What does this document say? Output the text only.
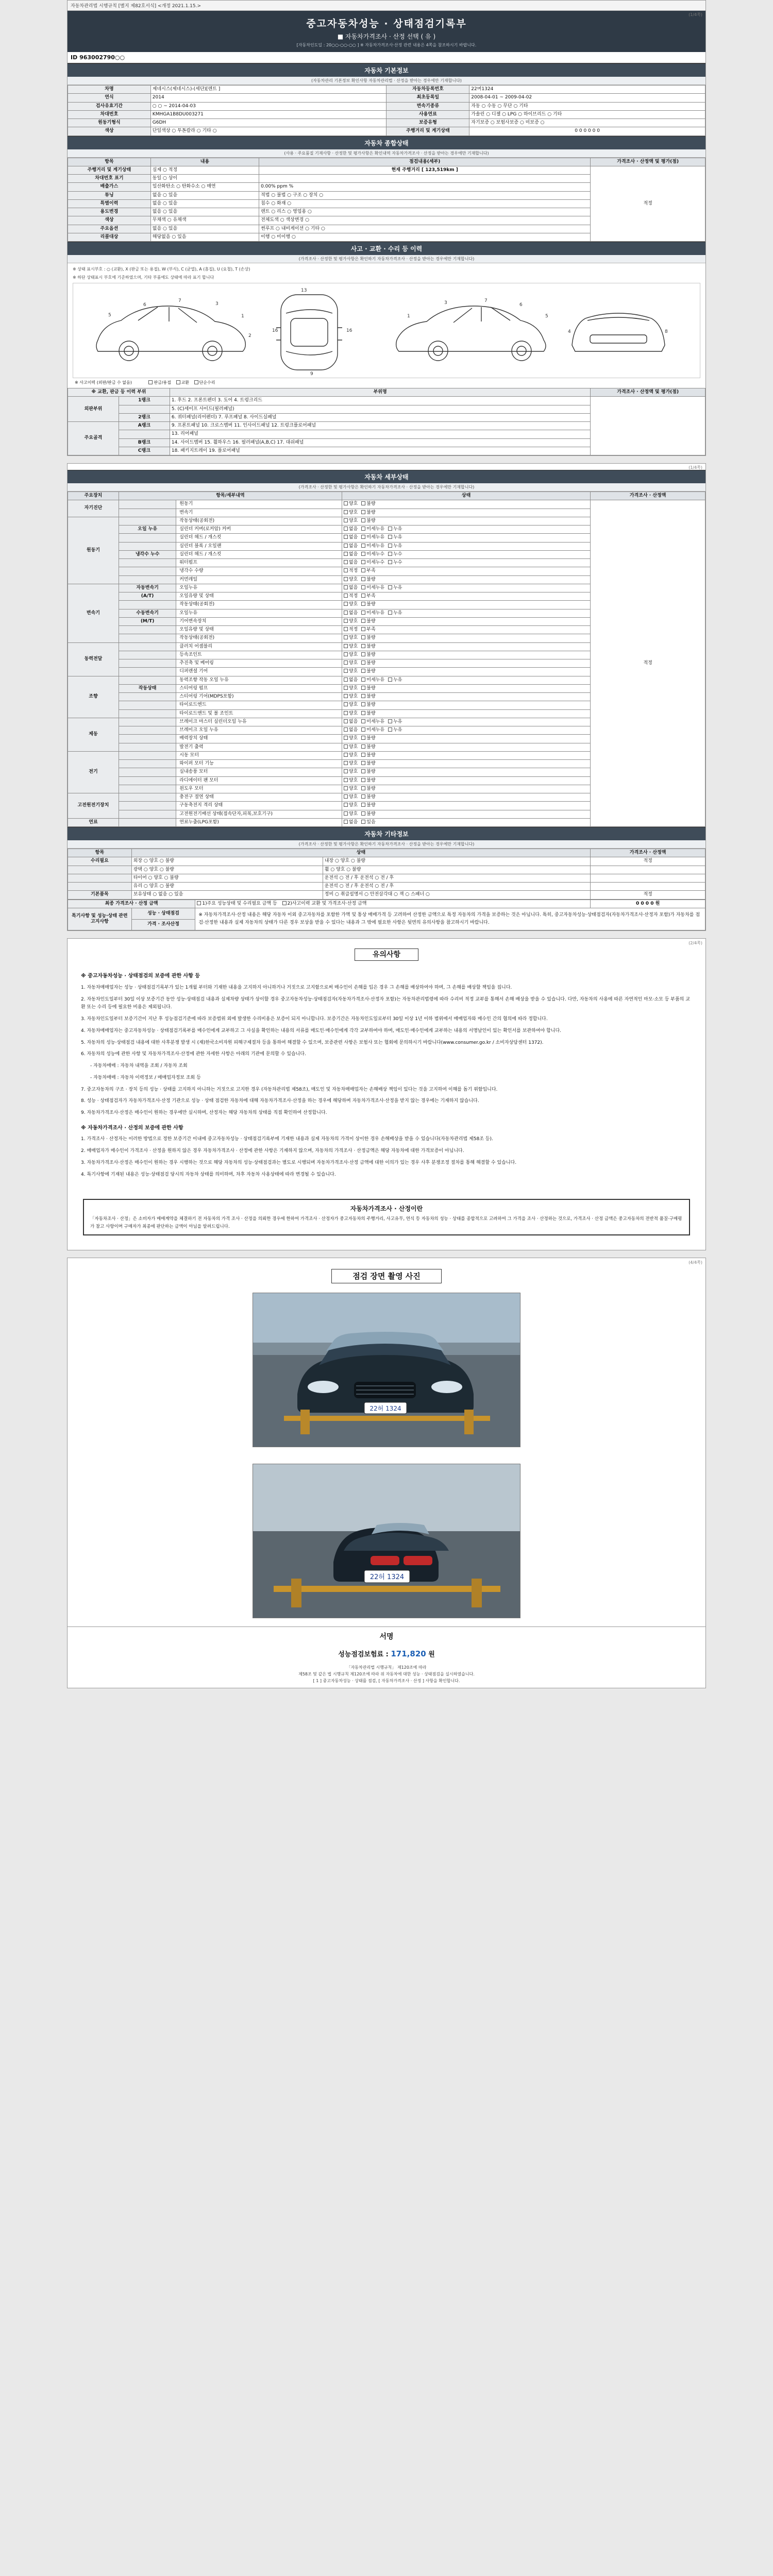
자동차관리법 시행규칙 [별지 제82호서식] <개정 2021.1.15.>
(1/4쪽)
중고자동차성능 · 상태점검기록부
■ 자동차가격조사 · 산정 선택 ( 유 )
[자동차인도일 : 20○○-○○-○○ ] ※ 자동차가격조사·산정 관련 내용은 4쪽을 참조하시기 바랍니다.
ID 963002790○○
자동차 기본정보
(자동차관리 기본정보 확인사항 자동차관리법 · 산정을 받아는 경우에만 기재합니다)
차명	제네시스(제네시스)-(세단)[렌트 ]	자동차등록번호	22머1324
연식	2014	최초등록일	2008-04-01 ~ 2009-04-02
검사유효기간	○ ○ ~ 2014-04-03	변속기종류	자동 ○ 수동 ○ 무단 ○ 기타
차대번호	KMHGA1B8DU003271	사용연료	가솔린 ○ 디젤 ○ LPG ○ 하이브리드 ○ 기타
원동기형식	G6DH	보증유형	자기보증 ○ 보험사보증 ○ 미보증 ○
색상	단일색상 ○ 투톤칼라 ○ 기타 ○	주행거리 및 계기상태	0 0 0 0 0 0
자동차 종합상태
(사용 · 주요품질 기재사항 · 산정한 및 평가사항은 확인내역 자동차가격조사 · 산정을 받아는 경우에만 기재합니다)
항목	내용	점검내용(세부)	가격조사 · 산정액 및 평가(점)
주행거리 및 계기상태	실제 ○ 적정	현재 주행거리 [ 123,519km ]	적정
차대번호 표기	동일 ○ 상이		
배출가스	일산화탄소 ○ 탄화수소 ○ 매연	0.00% ppm %	
튜닝	없음 ○ 있음	적법 ○ 불법 ○ 구조 ○ 장치 ○	
특별이력	없음 ○ 있음	침수 ○ 화재 ○	
용도변경	없음 ○ 있음	렌트 ○ 리스 ○ 영업용 ○	
색상	무채색 ○ 유채색	전체도색 ○ 색상변경 ○	
주요옵션	없음 ○ 있음	썬루프 ○ 내비게이션 ○ 기타 ○	
리콜대상	해당없음 ○ 있음	이행 ○ 미이행 ○	
사고 · 교환 · 수리 등 이력
(가격조사 · 산정한 및 평가사항은 확인하기 자동차가격조사 · 산정을 받아는 경우에만 기재합니다)
※ 상태 표시부호 : ○ (교환), X (판금 또는 용접), W (부식), C (균열), A (흠집), U (요철), T (손상)
※ 하단 상태표시 부호에 기준하였으며, 기타 부품에도 상태에 따라 표기 합니다
5
6
7
3
1
2
13
9
16	16
1
3	7
6
5
4	8
※ 사고이력 (외판/판금 수 없음)	판금/용접 교환 단순수리
※ 교환, 판금 등 이력 부위		부위명	가격조사 · 산정액 및 평가(점)
외판부위	1랭크	1. 후드 2. 프론트펜더 3. 도어 4. 트렁크리드	
		5. (C)세이프 사이드(필러패널)	
	2랭크	6. 쿼터패널(리어펜더) 7. 루프패널 8. 사이드실패널	
주요골격	A랭크	9. 프론트패널 10. 크로스멤버 11. 인사이드패널 12. 트렁크플로어패널	
		13. 리어패널	
	B랭크	14. 사이드멤버 15. 휠하우스 16. 필러패널(A,B,C) 17. 대쉬패널	
	C랭크	18. 패키지트레이 19. 플로어패널	
(1/4쪽)
자동차 세부상태
(가격조사 · 산정한 및 평가사항은 확인하기 자동차가격조사 · 산정을 받아는 경우에만 기재합니다)
주요장치	항목/세부내역		상태	가격조사 · 산정액
자기진단		원동기	양호 불량	적정
		변속기	양호 불량	
원동기		작동상태(공회전)	양호 불량	
	오일 누유	실린더 커버(로커암) 커버	없음 미세누유 누유	
		실린더 헤드 / 개스킷	없음 미세누유 누유	
		실린더 블록 / 오일팬	없음 미세누유 누유	
	냉각수 누수	실린더 헤드 / 개스킷	없음 미세누수 누수	
		워터펌프	없음 미세누수 누수	
		냉각수 수량	적정 부족	
		커먼레일	양호 불량	
변속기	자동변속기	오일누유	없음 미세누유 누유	
	(A/T)	오일유량 및 상태	적정 부족	
		작동상태(공회전)	양호 불량	
	수동변속기	오일누유	없음 미세누유 누유	
	(M/T)	기어변속장치	양호 불량	
		오일유량 및 상태	적정 부족	
		작동상태(공회전)	양호 불량	
동력전달		클러치 어셈블리	양호 불량	
		등속조인트	양호 불량	
		추진축 및 베어링	양호 불량	
		디퍼렌셜 기어	양호 불량	
조향		동력조향 작동 오일 누유	없음 미세누유 누유	
	작동상태	스티어링 펌프	양호 불량	
		스티어링 기어(MDPS포함)	양호 불량	
		타이로드엔드	양호 불량	
		타이로드앤드 및 볼 조인트	양호 불량	
제동		브레이크 마스터 실린더오일 누유	없음 미세누유 누유	
		브레이크 오일 누유	없음 미세누유 누유	
		배력장치 상태	양호 불량	
		발전기 출력	양호 불량	
전기		시동 모터	양호 불량	
		와이퍼 모터 기능	양호 불량	
		실내송풍 모터	양호 불량	
		라디에이터 팬 모터	양호 불량	
		윈도우 모터	양호 불량	
고전원전기장치		충전구 절연 상태	양호 불량	
		구동축전지 격리 상태	양호 불량	
		고전원전기배선 상태(접속단자,피복,보호기구)	양호 불량	
연료		연료누출(LPG포함)	없음 있음	
자동차 기타정보
(가격조사 · 산정한 및 평가사항은 확인하기 자동차가격조사 · 산정을 받아는 경우에만 기재합니다)
항목	상태		가격조사 · 산정액
수리필요	외장 ○ 양호 ○ 불량	내장 ○ 양호 ○ 불량	적정
	광택 ○ 양호 ○ 불량	휠 ○ 양호 ○ 불량	
	타이어 ○ 양호 ○ 불량	운전석 ○ 전 / 후 운전석 ○ 전 / 후	
	유리 ○ 양호 ○ 불량	운전석 ○ 전 / 후 운전석 ○ 전 / 후	
기본품목	보유상태 ○ 없음 ○ 있음	정비 ○ 취급설명서 ○ 안전삼각대 ○ 잭 ○ 스패너 ○	적정
최종 가격조사 · 산정 금액		1)주요 성능상태 및 수리필요 금액 등 2)사고이력 교환 및 가격조사·산정 금액	0 0 0 0 원
특기사항 및 성능·상태 관련 고지사항	성능 · 상태점검	※ 자동차가격조사·산정 내용은 해당 자동차 이외 중고자동차를 포함한 가액 및 통상 매매가격 등 고려하여 산정한 금액으로 특정 자동차의 가격을 보증하는 것은 아닙니다. 특히, 중고자동차성능·상태점검자(자동차가격조사·산정자 포함)가 자동차를 점검·산정한 내용과 실제 자동차의 상태가 다른 경우 보상을 받을 수 있다는 내용과 그 밖에 필요한 사항은 뒷면의 유의사항을 참고하시기 바랍니다.	
	가격 · 조사산정		
(2/4쪽)
유의사항
※ 중고자동차성능 · 상태점검의 보증에 관한 사항 등

1. 자동차매매업자는 성능 · 상태점검기록부가 있는 1개월 부터와 기재한 내용을 고지하지 아니하거나 거짓으로 고지함으로써 매수인이 손해를 입은 경우 그 손해를 배상하여야 하며, 그 손해를 배상할 책임을 집니다.

2. 자동차인도일부터 30일 이상 보증기간 동안 성능·상태점검 내용과 실제차량 상태가 상이할 경우 중고자동차성능·상태점검자(자동차가격조사·산정자 포함)는 자동차관리법령에 따라 수리비 적정 교부를 통해서 손해 배상을 받을 수 있습니다. 다만, 자동차의 사용에 따른 자연적인 마모·소모 등 부품의 교환 또는 수리 등에 필요한 비용은 제외됩니다.

3. 자동차인도일부터 보증기간이 지난 후 성능점검기준에 따라 보증범위 외에 발생한 수리비용은 보증이 되지 아니합니다. 보증기간은 자동차인도일로부터 30일 이상 1년 이하 범위에서 매매업자와 매수인 간의 협의에 따라 정합니다.

4. 자동차매매업자는 중고자동차성능 · 상태점검기록부를 매수인에게 교부하고 그 사실을 확인하는 내용의 서류를 매도인·매수인에게 각각 교부하여야 하며, 매도인·매수인에게 교부하는 내용의 서명날인이 있는 확인서를 보관하여야 합니다.

5. 자동차의 성능·상태점검 내용에 대한 사후분쟁 발생 시 (재)한국소비자원 피해구제절차 등을 통하여 해결할 수 있으며, 보증관련 사항은 보험사 또는 협회에 문의하시기 바랍니다(www.consumer.go.kr / 소비자상담센터 1372).

6. 자동차의 성능에 관한 사항 및 자동차가격조사·산정에 관한 자세한 사항은 아래의 기관에 문의할 수 있습니다.

- 자동차매매 : 자동차 내역을 조회 / 자동차 조회

- 자동차매매 : 자동차 이력정보 / 매매업자정보 조회 등

7. 중고자동차의 구조 · 장치 등의 성능 · 상태를 고지하지 아니하는 거짓으로 고지한 경우 (자동차관리법 제58조), 매도인 및 자동차매매업자는 손해배상 책임이 있다는 것을 고지하여 이해를 돕기 위함입니다.

8. 성능 · 상태점검자가 자동차가격조사·산정 기관으로 성능 · 상태 점검한 자동차에 대해 자동차가격조사·산정을 하는 경우에 해당하며 자동차가격조사·산정을 받지 않는 경우에는 기재하지 않습니다.

9. 자동차가격조사·산정은 매수인이 원하는 경우에만 실시하며, 산정자는 해당 자동차의 상태를 직접 확인하여 산정합니다.

※ 자동차가격조사 · 산정의 보증에 관한 사항

1. 가격조사 · 산정자는 이러한 방법으로 정한 보증기간 이내에 중고자동차성능 · 상태점검기록부에 기재한 내용과 실제 자동차의 가격이 상이한 경우 손해배상을 받을 수 있습니다(자동차관리법 제58조 등).

2. 매매업자가 매수인이 가격조사 · 산정을 원하지 않은 경우 자동차가격조사 · 산정에 관한 사항은 기재하지 않으며, 자동차의 가격조사 · 산정금액은 해당 자동차에 대한 가격보증이 아닙니다.

3. 자동차가격조사·산정은 매수인이 원하는 경우 시행하는 것으로 해당 자동차의 성능·상태점검과는 별도로 시행되며 자동차가격조사·산정 금액에 대한 이의가 있는 경우 사후 분쟁조정 절차를 통해 해결할 수 있습니다.

4. 특기사항에 기재된 내용은 성능·상태점검 당시의 자동차 상태를 의미하며, 차후 자동차 사용상태에 따라 변경될 수 있습니다.

자동차가격조사 · 산정이란
「자동차조사 · 산정」은 소비자가 매매계약을 체결하기 전 자동차의 가격 조사 · 산정을 의뢰한 경우에 한하여 가격조사 · 산정자가 중고자동차의 주행거리, 사고유무, 연식 등 자동차의 성능 · 상태를 종합적으로 고려하여 그 가격을 조사 · 산정하는 것으로, 가격조사 · 산정 금액은 중고자동차의 전반적 품질·구매평가 참고 사항이며 구매자가 최종에 판단하는 금액이 아님을 알려드립니다.
(4/4쪽)
점검 장면 촬영 사진
22허 1324
22허 1324
서명
성능점검보험료 : 171,820 원
「자동차관리법 시행규칙」 제120조에 따라
제58조 및 같은 법 시행규칙 제120조에 따라 위 자동차에 대한 성능 · 상태점검을 실시하였습니다.
[ 1 ] 중고자동차성능 · 상태를 점검, [ 자동차가격조사 · 산정 ] 사항을 확인합니다.
